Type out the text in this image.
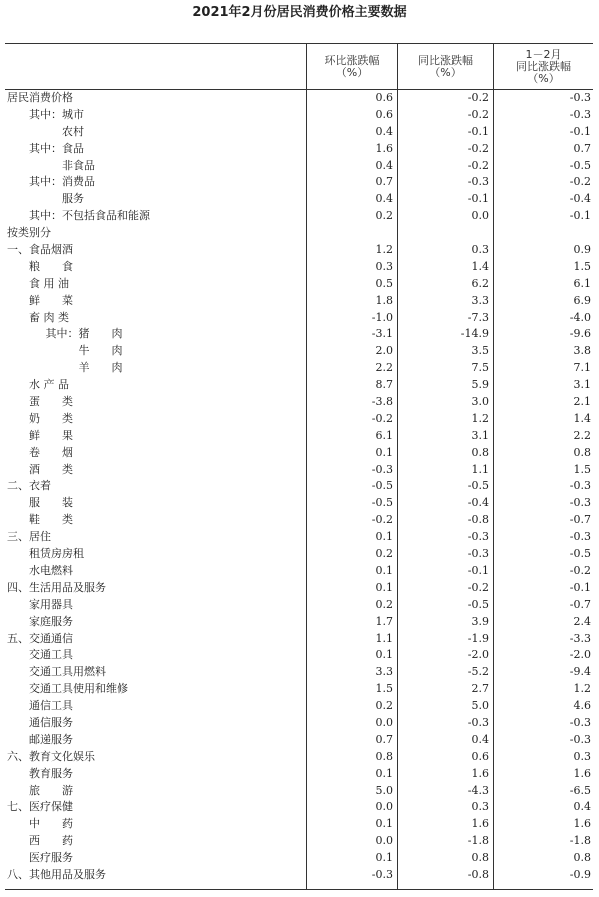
2021年2月份居民消费价格主要数据
环比涨跌幅
（%）
同比涨跌幅
（%）
1－2月
同比涨跌幅
（%）
居民消费价格	0.6	-0.2	-0.3
其中：城市	0.6	-0.2	-0.3
农村	0.4	-0.1	-0.1
其中：食品	1.6	-0.2	0.7
非食品	0.4	-0.2	-0.5
其中：消费品	0.7	-0.3	-0.2
服务	0.4	-0.1	-0.4
其中：不包括食品和能源	0.2	0.0	-0.1
按类别分
一、食品烟酒	1.2	0.3	0.9
粮　　食	0.3	1.4	1.5
食 用 油	0.5	6.2	6.1
鲜　　菜	1.8	3.3	6.9
畜 肉 类	-1.0	-7.3	-4.0
其中：猪　　肉	-3.1	-14.9	-9.6
牛　　肉	2.0	3.5	3.8
羊　　肉	2.2	7.5	7.1
水 产 品	8.7	5.9	3.1
蛋　　类	-3.8	3.0	2.1
奶　　类	-0.2	1.2	1.4
鲜　　果	6.1	3.1	2.2
卷　　烟	0.1	0.8	0.8
酒　　类	-0.3	1.1	1.5
二、衣着	-0.5	-0.5	-0.3
服　　装	-0.5	-0.4	-0.3
鞋　　类	-0.2	-0.8	-0.7
三、居住	0.1	-0.3	-0.3
租赁房房租	0.2	-0.3	-0.5
水电燃料	0.1	-0.1	-0.2
四、生活用品及服务	0.1	-0.2	-0.1
家用器具	0.2	-0.5	-0.7
家庭服务	1.7	3.9	2.4
五、交通通信	1.1	-1.9	-3.3
交通工具	0.1	-2.0	-2.0
交通工具用燃料	3.3	-5.2	-9.4
交通工具使用和维修	1.5	2.7	1.2
通信工具	0.2	5.0	4.6
通信服务	0.0	-0.3	-0.3
邮递服务	0.7	0.4	-0.3
六、教育文化娱乐	0.8	0.6	0.3
教育服务	0.1	1.6	1.6
旅　　游	5.0	-4.3	-6.5
七、医疗保健	0.0	0.3	0.4
中　　药	0.1	1.6	1.6
西　　药	0.0	-1.8	-1.8
医疗服务	0.1	0.8	0.8
八、其他用品及服务	-0.3	-0.8	-0.9
